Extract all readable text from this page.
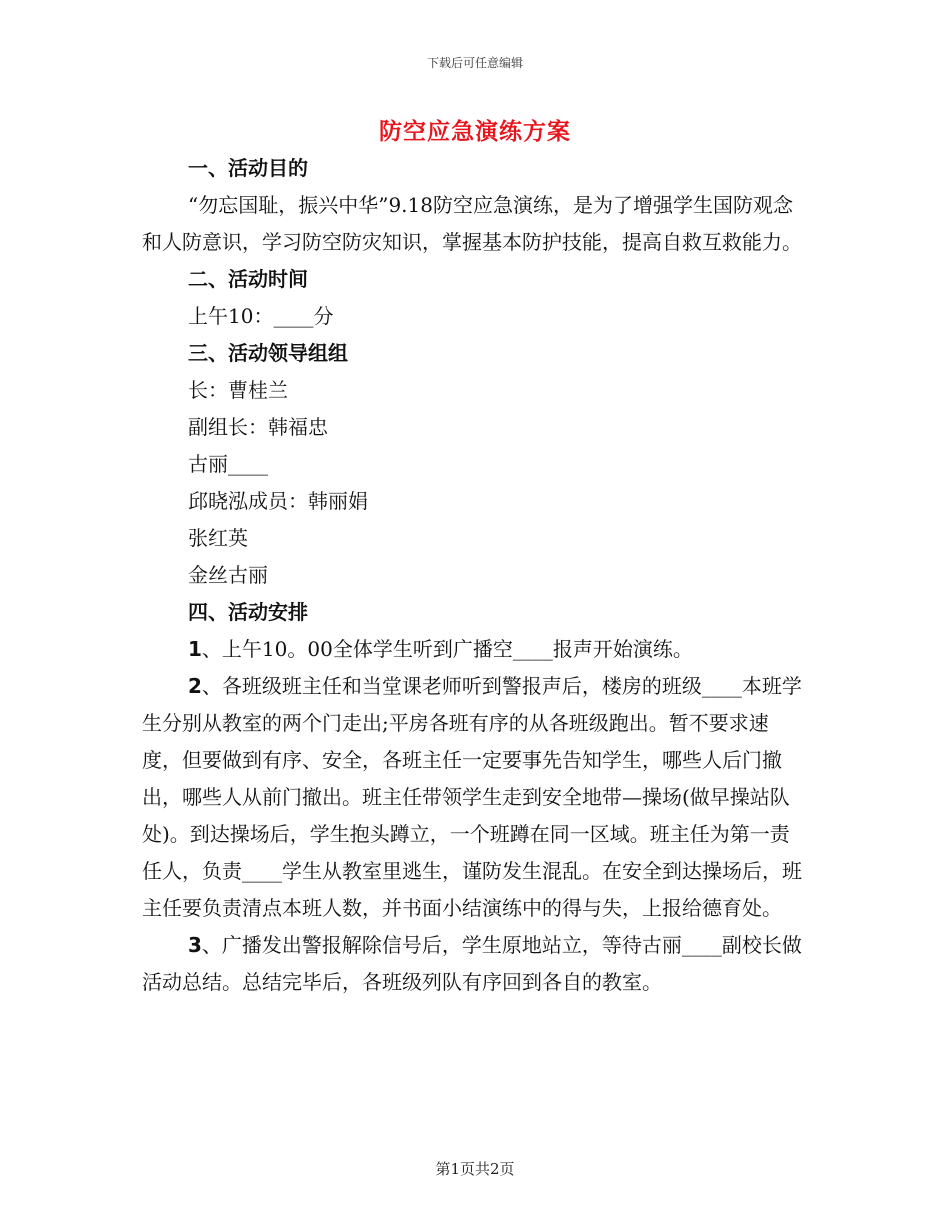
下载后可任意编辑
防空应急演练方案

一、活动目的

“勿忘国耻，振兴中华”9.18防空应急演练，是为了增强学生国防观念和人防意识，学习防空防灾知识，掌握基本防护技能，提高自救互救能力。

二、活动时间

上午10：____分

三、活动领导组组

长：曹桂兰

副组长：韩福忠

古丽____

邱晓泓成员：韩丽娟

张红英

金丝古丽

四、活动安排

1、上午10。00全体学生听到广播空____报声开始演练。

2、各班级班主任和当堂课老师听到警报声后，楼房的班级____本班学生分别从教室的两个门走出;平房各班有序的从各班级跑出。暂不要求速度，但要做到有序、安全，各班主任一定要事先告知学生，哪些人后门撤出，哪些人从前门撤出。班主任带领学生走到安全地带—操场(做早操站队处)。到达操场后，学生抱头蹲立，一个班蹲在同一区域。班主任为第一责任人，负责____学生从教室里逃生，谨防发生混乱。在安全到达操场后，班主任要负责清点本班人数，并书面小结演练中的得与失，上报给德育处。

3、广播发出警报解除信号后，学生原地站立，等待古丽____副校长做活动总结。总结完毕后，各班级列队有序回到各自的教室。

第1页共2页
